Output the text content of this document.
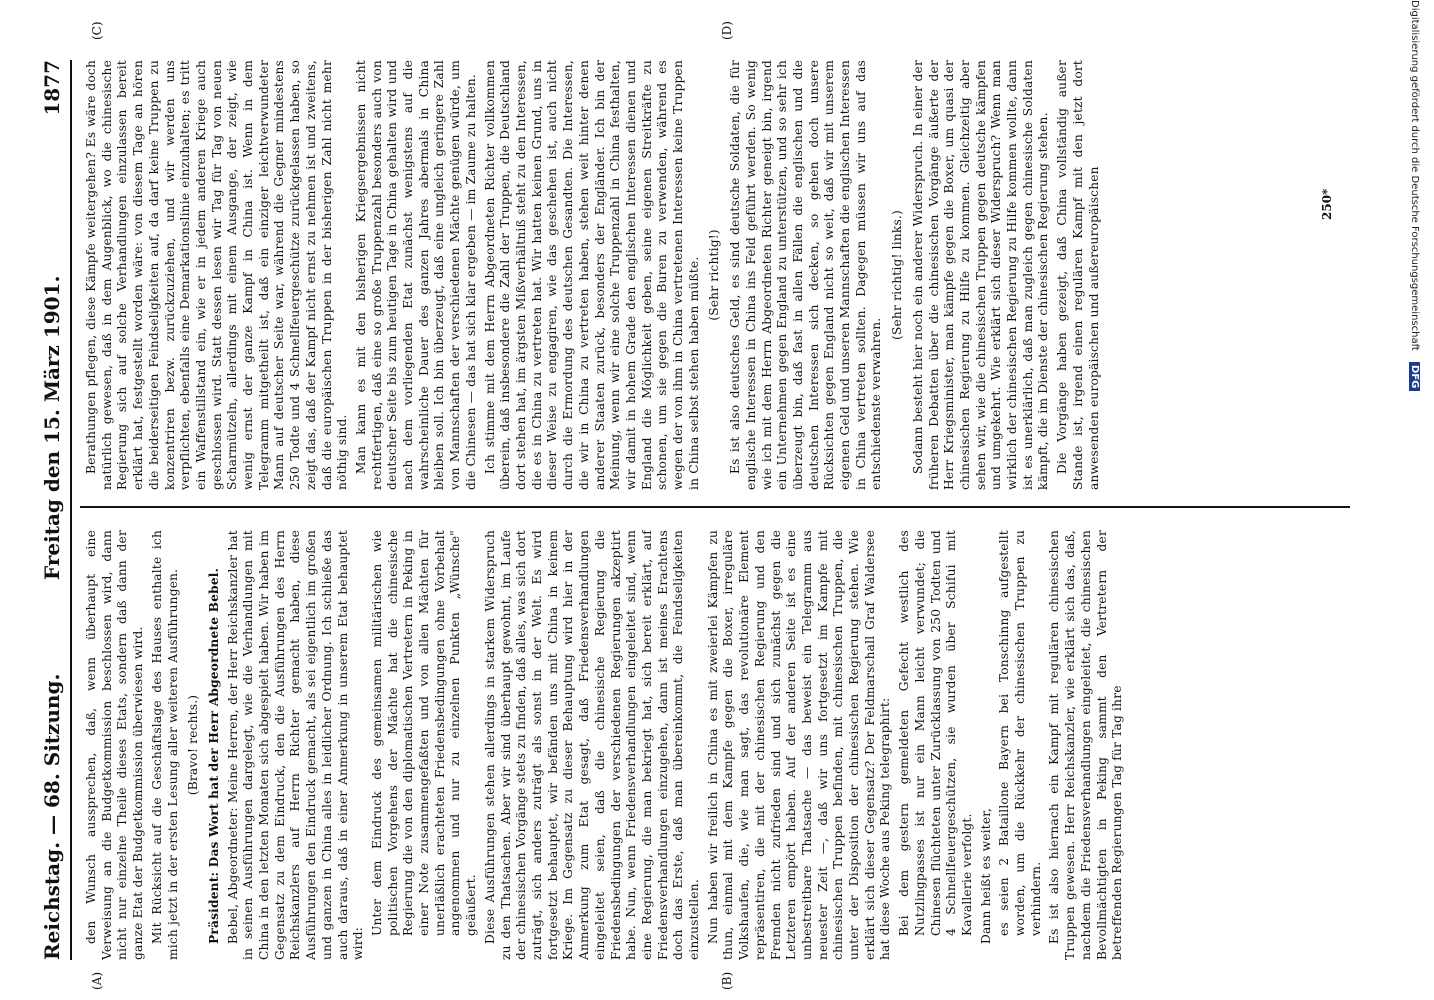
Reichstag. — 68. Sitzung.
Freitag den 15. März 1901.
1877
(A)	(B)
(C)	(D)

den Wunsch aussprechen, daß, wenn überhaupt eine Verweisung an die Budgetkommission beschlossen wird, dann nicht nur einzelne Theile dieses Etats, sondern daß dann der ganze Etat der Budgetkommission überwiesen wird. Mit Rücksicht auf die Geschäftslage des Hauses enthalte ich mich jetzt in der ersten Lesung aller weiteren Ausführungen. (Bravo! rechts.) Präsident: Das Wort hat der Herr Abgeordnete Bebel. Bebel, Abgeordneter: Meine Herren, der Herr Reichskanzler hat in seinen Ausführungen dargelegt, wie die Verhandlungen mit China in den letzten Monaten sich abgespielt haben. Wir haben im Gegensatz zu dem Eindruck, den die Ausführungen des Herrn Reichskanzlers auf Herrn Richter gemacht haben, diese Ausführungen den Eindruck gemacht, als sei eigentlich im großen und ganzen in China alles in leidlicher Ordnung. Ich schließe das auch daraus, daß in einer Anmerkung in unserem Etat behauptet wird:

Unter dem Eindruck des gemeinsamen militärischen wie politischen Vorgehens der Mächte hat die chinesische Regierung die von den diplomatischen Vertretern in Peking in einer Note zusammengefaßten und von allen Mächten für unerläßlich erachteten Friedensbedingungen ohne Vorbehalt angenommen und nur zu einzelnen Punkten „Wünsche" geäußert. Diese Ausführungen stehen allerdings in starkem Widerspruch zu den Thatsachen. Aber wir sind überhaupt gewohnt, im Laufe der chinesischen Vorgänge stets zu finden, daß alles, was sich dort zuträgt, sich anders zuträgt als sonst in der Welt. Es wird fortgesetzt behauptet, wir befänden uns mit China in keinem Kriege. Im Gegensatz zu dieser Behauptung wird hier in der Anmerkung zum Etat gesagt, daß Friedensverhandlungen eingeleitet seien, daß die chinesische Regierung die Friedensbedingungen der verschiedenen Regierungen akzeptirt habe. Nun, wenn Friedensverhandlungen eingeleitet sind, wenn eine Regierung, die man bekriegt hat, sich bereit erklärt, auf Friedensverhandlungen einzugehen, dann ist meines Erachtens doch das Erste, daß man übereinkommt, die Feindseligkeiten einzustellen. Nun haben wir freilich in China es mit zweierlei Kämpfen zu thun, einmal mit dem Kampfe gegen die Boxer, irreguläre Volkshaufen, die, wie man sagt, das revolutionäre Element repräsentiren, die mit der chinesischen Regierung und den Fremden nicht zufrieden sind und sich zunächst gegen die Letzteren empört haben. Auf der anderen Seite ist es eine unbestreitbare Thatsache — das beweist ein Telegramm aus neuester Zeit —, daß wir uns fortgesetzt im Kampfe mit chinesischen Truppen befinden, mit chinesischen Truppen, die unter der Disposition der chinesischen Regierung stehen. Wie erklärt sich dieser Gegensatz? Der Feldmarschall Graf Waldersee hat diese Woche aus Peking telegraphirt: Bei dem gestern gemeldeten Gefecht westlich des Nutzlingpasses ist nur ein Mann leicht verwundet; die Chinesen flüchteten unter Zurücklassung von 250 Todten und 4 Schnellfeuergeschützen, sie wurden über Schifui mit Kavallerie verfolgt. Dann heißt es weiter, es seien 2 Bataillone Bayern bei Tonschinng aufgestellt worden, um die Rückkehr der chinesischen Truppen zu verhindern. Es ist also hiernach ein Kampf mit regulären chinesischen Truppen gewesen. Herr Reichskanzler, wie erklärt sich das, daß, nachdem die Friedensverhandlungen eingeleitet, die chinesischen Bevollmächtigten in Peking sammt den Vertretern der betreffenden Regierungen Tag für Tag ihre

Berathungen pflegen, diese Kämpfe weitergehen? Es wäre doch natürlich gewesen, daß in dem Augenblick, wo die chinesische Regierung sich auf solche Verhandlungen einzulassen bereit erklärt hat, festgestellt worden wäre: von diesem Tage an hören die beiderseitigen Feindseligkeiten auf, da darf keine Truppen zu konzentriren bezw. zurückzuziehen, und wir werden uns verpflichten, ebenfalls eine Demarkationslinie einzuhalten; es tritt ein Waffenstillstand ein, wie er in jedem anderen Kriege auch geschlossen wird. Statt dessen lesen wir Tag für Tag von neuen Scharmützeln, allerdings mit einem Ausgange, der zeigt, wie wenig ernst der ganze Kampf in China ist. Wenn in dem Telegramm mitgetheilt ist, daß ein einziger leichtverwundeter Mann auf deutscher Seite war, während die Gegner mindestens 250 Todte und 4 Schnellfeuergeschütze zurückgelassen haben, so zeigt das, daß der Kampf nicht ernst zu nehmen ist und zweitens, daß die europäischen Truppen in der bisherigen Zahl nicht mehr nöthig sind. Man kann es mit den bisherigen Kriegsergebnissen nicht rechtfertigen, daß eine so große Truppenzahl besonders auch von deutscher Seite bis zum heutigen Tage in China gehalten wird und nach dem vorliegenden Etat zunächst wenigstens auf die wahrscheinliche Dauer des ganzen Jahres abermals in China bleiben soll. Ich bin überzeugt, daß eine ungleich geringere Zahl von Mannschaften der verschiedenen Mächte genügen würde, um die Chinesen — das hat sich klar ergeben — im Zaume zu halten. Ich stimme mit dem Herrn Abgeordneten Richter vollkommen überein, daß insbesondere die Zahl der Truppen, die Deutschland dort stehen hat, im ärgsten Mißverhältniß steht zu den Interessen, die es in China zu vertreten hat. Wir hatten keinen Grund, uns in dieser Weise zu engagiren, wie das geschehen ist, auch nicht durch die Ermordung des deutschen Gesandten. Die Interessen, die wir in China zu vertreten haben, stehen weit hinter denen anderer Staaten zurück, besonders der Engländer. Ich bin der Meinung, wenn wir eine solche Truppenzahl in China festhalten, wir damit in hohem Grade den englischen Interessen dienen und England die Möglichkeit geben, seine eigenen Streitkräfte zu schonen, um sie gegen die Buren zu verwenden, während es wegen der von ihm in China vertretenen Interessen keine Truppen in China selbst stehen haben müßte. (Sehr richtig!) Es ist also deutsches Geld, es sind deutsche Soldaten, die für englische Interessen in China ins Feld geführt werden. So wenig wie ich mit dem Herrn Abgeordneten Richter geneigt bin, irgend ein Unternehmen gegen England zu unterstützen, und so sehr ich überzeugt bin, daß fast in allen Fällen die englischen und die deutschen Interessen sich decken, so gehen doch unsere Rücksichten gegen England nicht so weit, daß wir mit unserem eigenen Geld und unseren Mannschaften die englischen Interessen in China vertreten sollten. Dagegen müssen wir uns auf das entschiedenste verwahren.

(Sehr richtig! links.) Sodann besteht hier noch ein anderer Widerspruch. In einer der früheren Debatten über die chinesischen Vorgänge äußerte der Herr Kriegsminister, man kämpfe gegen die Boxer, um quasi der chinesischen Regierung zu Hilfe zu kommen. Gleichzeitig aber sehen wir, wie die chinesischen Truppen gegen deutsche kämpfen und umgekehrt. Wie erklärt sich dieser Widerspruch? Wenn man wirklich der chinesischen Regierung zu Hilfe kommen wollte, dann ist es unerklärlich, daß man zugleich gegen chinesische Soldaten kämpft, die im Dienste der chinesischen Regierung stehen. Die Vorgänge haben gezeigt, daß China vollständig außer Stande ist, irgend einen regulären Kampf mit den jetzt dort anwesenden europäischen und außereuropäischen	250*	Digitalisierung gefördert durch die Deutsche Forschungsgemeinschaft DFG
